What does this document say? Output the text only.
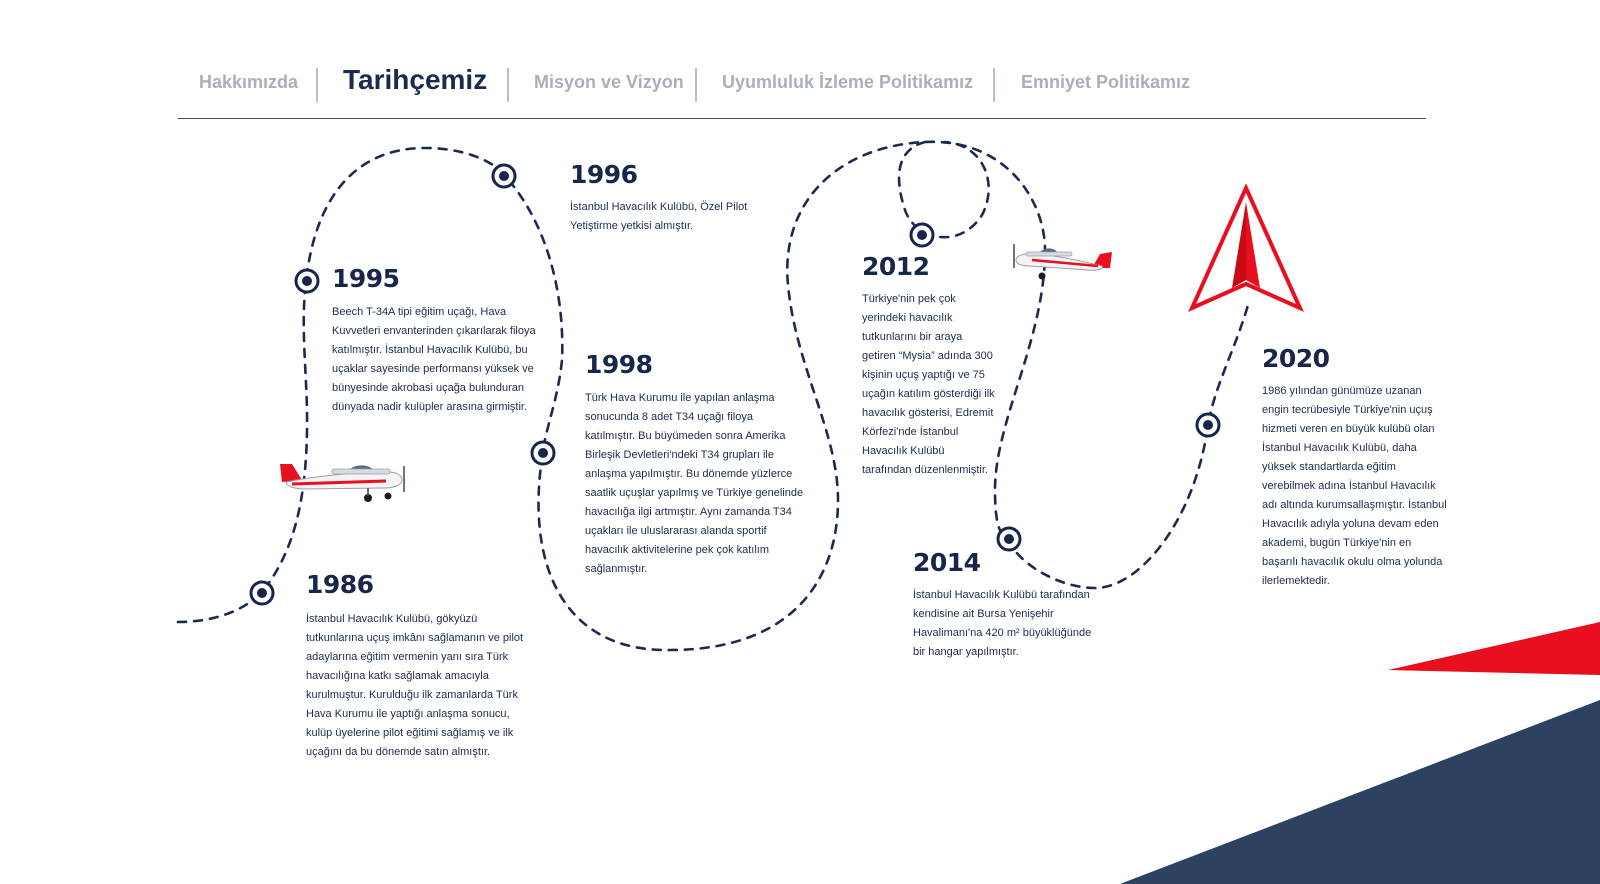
Hakkımızda Tarihçemiz	Misyon ve Vizyon Uyumluluk İzleme Politikamız	Emniyet Politikamız
1986

İstanbul Havacılık Kulübü, gökyüzü tutkunlarına uçuş imkânı sağlamanın ve pilot adaylarına eğitim vermenin yanı sıra Türk havacılığına katkı sağlamak amacıyla kurulmuştur. Kurulduğu ilk zamanlarda Türk Hava Kurumu ile yaptığı anlaşma sonucu, kulüp üyelerine pilot eğitimi sağlamış ve ilk uçağını da bu dönemde satın almıştır.

1995

Beech T-34A tipi eğitim uçağı, Hava Kuvvetleri envanterinden çıkarılarak filoya katılmıştır. İstanbul Havacılık Kulübü, bu uçaklar sayesinde performansı yüksek ve bünyesinde akrobasi uçağa bulunduran dünyada nadir kulüpler arasına girmiştir.

1996

İstanbul Havacılık Kulübü, Özel Pilot Yetiştirme yetkisi almıştır.

1998

Türk Hava Kurumu ile yapılan anlaşma sonucunda 8 adet T34 uçağı filoya katılmıştır. Bu büyümeden sonra Amerika Birleşik Devletleri'ndeki T34 grupları ile anlaşma yapılmıştır. Bu dönemde yüzlerce saatlik uçuşlar yapılmış ve Türkiye genelinde havacılığa ilgi artmıştır. Aynı zamanda T34 uçakları ile uluslararası alanda sportif havacılık aktivitelerine pek çok katılım sağlanmıştır.

2012

Türkiye'nin pek çok yerindeki havacılık tutkunlarını bir araya getiren “Mysia” adında 300 kişinin uçuş yaptığı ve 75 uçağın katılım gösterdiği ilk havacılık gösterisi, Edremit Körfezi'nde İstanbul Havacılık Kulübü tarafından düzenlenmiştir.

2014

İstanbul Havacılık Kulübü tarafından kendisine ait Bursa Yenişehir Havalimanı'na 420 m² büyüklüğünde bir hangar yapılmıştır.

2020

1986 yılından günümüze uzanan engin tecrübesiyle Türkiye'nin uçuş hizmeti veren en büyük kulübü olan İstanbul Havacılık Kulübü, daha yüksek standartlarda eğitim verebilmek adına İstanbul Havacılık adı altında kurumsallaşmıştır. İstanbul Havacılık adıyla yoluna devam eden akademi, bugün Türkiye'nin en başarılı havacılık okulu olma yolunda ilerlemektedir.
